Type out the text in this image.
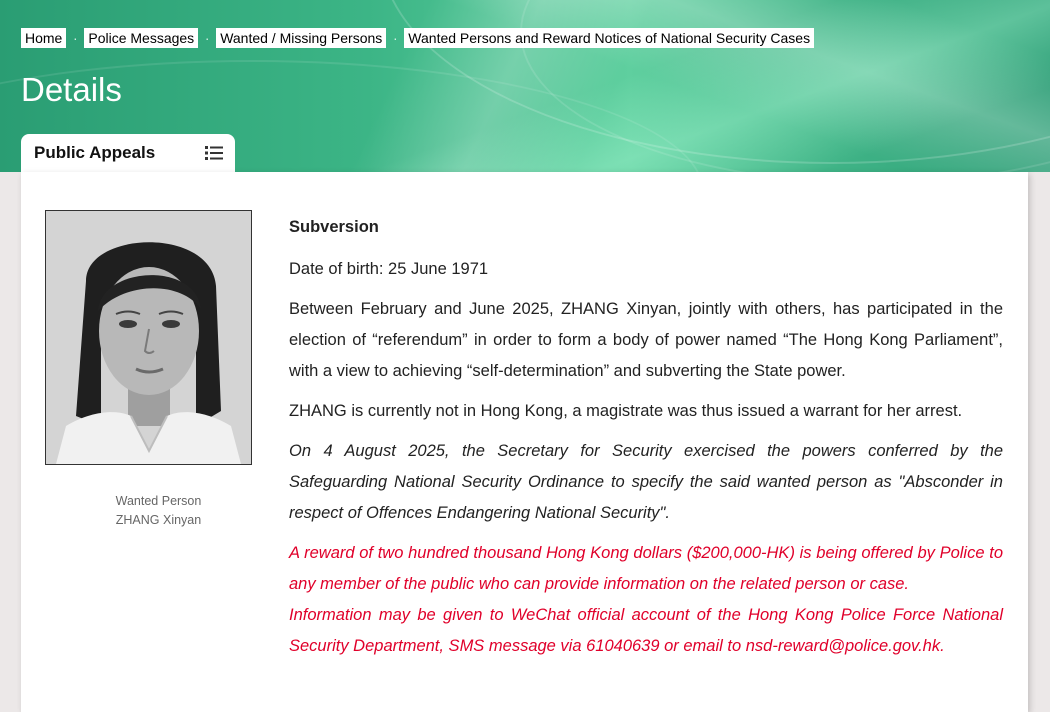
Home · Police Messages · Wanted / Missing Persons · Wanted Persons and Reward Notices of National Security Cases
Details
Public Appeals
Wanted Person
ZHANG Xinyan

Subversion

Date of birth: 25 June 1971

Between February and June 2025, ZHANG Xinyan, jointly with others, has participated in the election of “referendum” in order to form a body of power named “The Hong Kong Parliament”, with a view to achieving “self-determination” and subverting the State power.

ZHANG is currently not in Hong Kong, a magistrate was thus issued a warrant for her arrest.

On 4 August 2025, the Secretary for Security exercised the powers conferred by the Safeguarding National Security Ordinance to specify the said wanted person as "Absconder in respect of Offences Endangering National Security".

A reward of two hundred thousand Hong Kong dollars ($200,000-HK) is being offered by Police to any member of the public who can provide information on the related person or case.

Information may be given to WeChat official account of the Hong Kong Police Force National Security Department, SMS message via 61040639 or email to nsd-reward@police.gov.hk.
